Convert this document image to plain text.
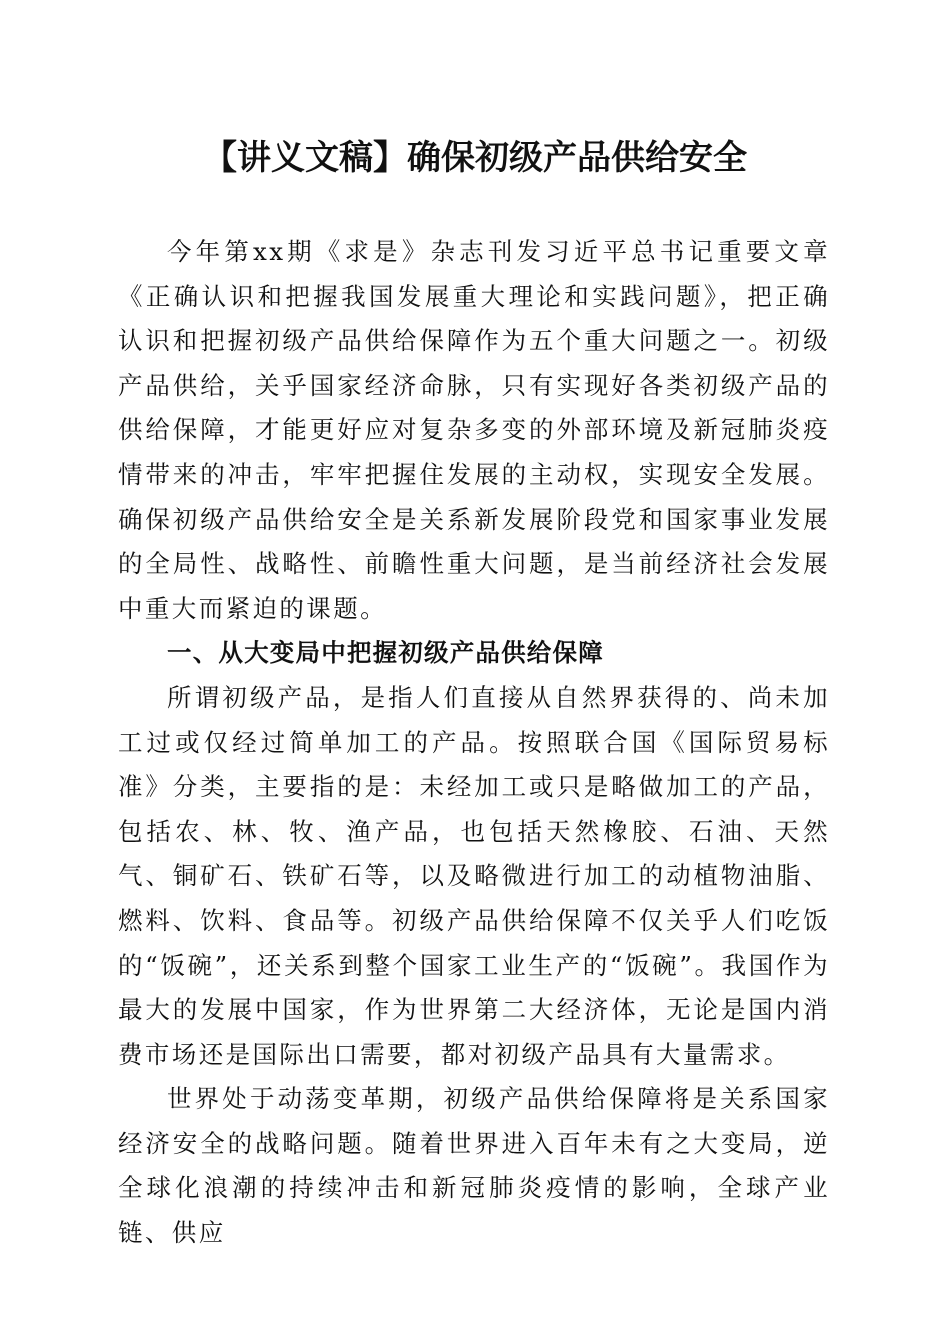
【讲义文稿】确保初级产品供给安全

今年第xx期《求是》杂志刊发习近平总书记重要文章《正确认识和把握我国发展重大理论和实践问题》，把正确认识和把握初级产品供给保障作为五个重大问题之一。初级产品供给，关乎国家经济命脉，只有实现好各类初级产品的供给保障，才能更好应对复杂多变的外部环境及新冠肺炎疫情带来的冲击，牢牢把握住发展的主动权，实现安全发展。确保初级产品供给安全是关系新发展阶段党和国家事业发展的全局性、战略性、前瞻性重大问题，是当前经济社会发展中重大而紧迫的课题。

一、从大变局中把握初级产品供给保障

所谓初级产品，是指人们直接从自然界获得的、尚未加工过或仅经过简单加工的产品。按照联合国《国际贸易标准》分类，主要指的是：未经加工或只是略做加工的产品，包括农、林、牧、渔产品，也包括天然橡胶、石油、天然气、铜矿石、铁矿石等，以及略微进行加工的动植物油脂、燃料、饮料、食品等。初级产品供给保障不仅关乎人们吃饭的“饭碗”，还关系到整个国家工业生产的“饭碗”。我国作为最大的发展中国家，作为世界第二大经济体，无论是国内消费市场还是国际出口需要，都对初级产品具有大量需求。

世界处于动荡变革期，初级产品供给保障将是关系国家经济安全的战略问题。随着世界进入百年未有之大变局，逆全球化浪潮的持续冲击和新冠肺炎疫情的影响，全球产业链、供应
